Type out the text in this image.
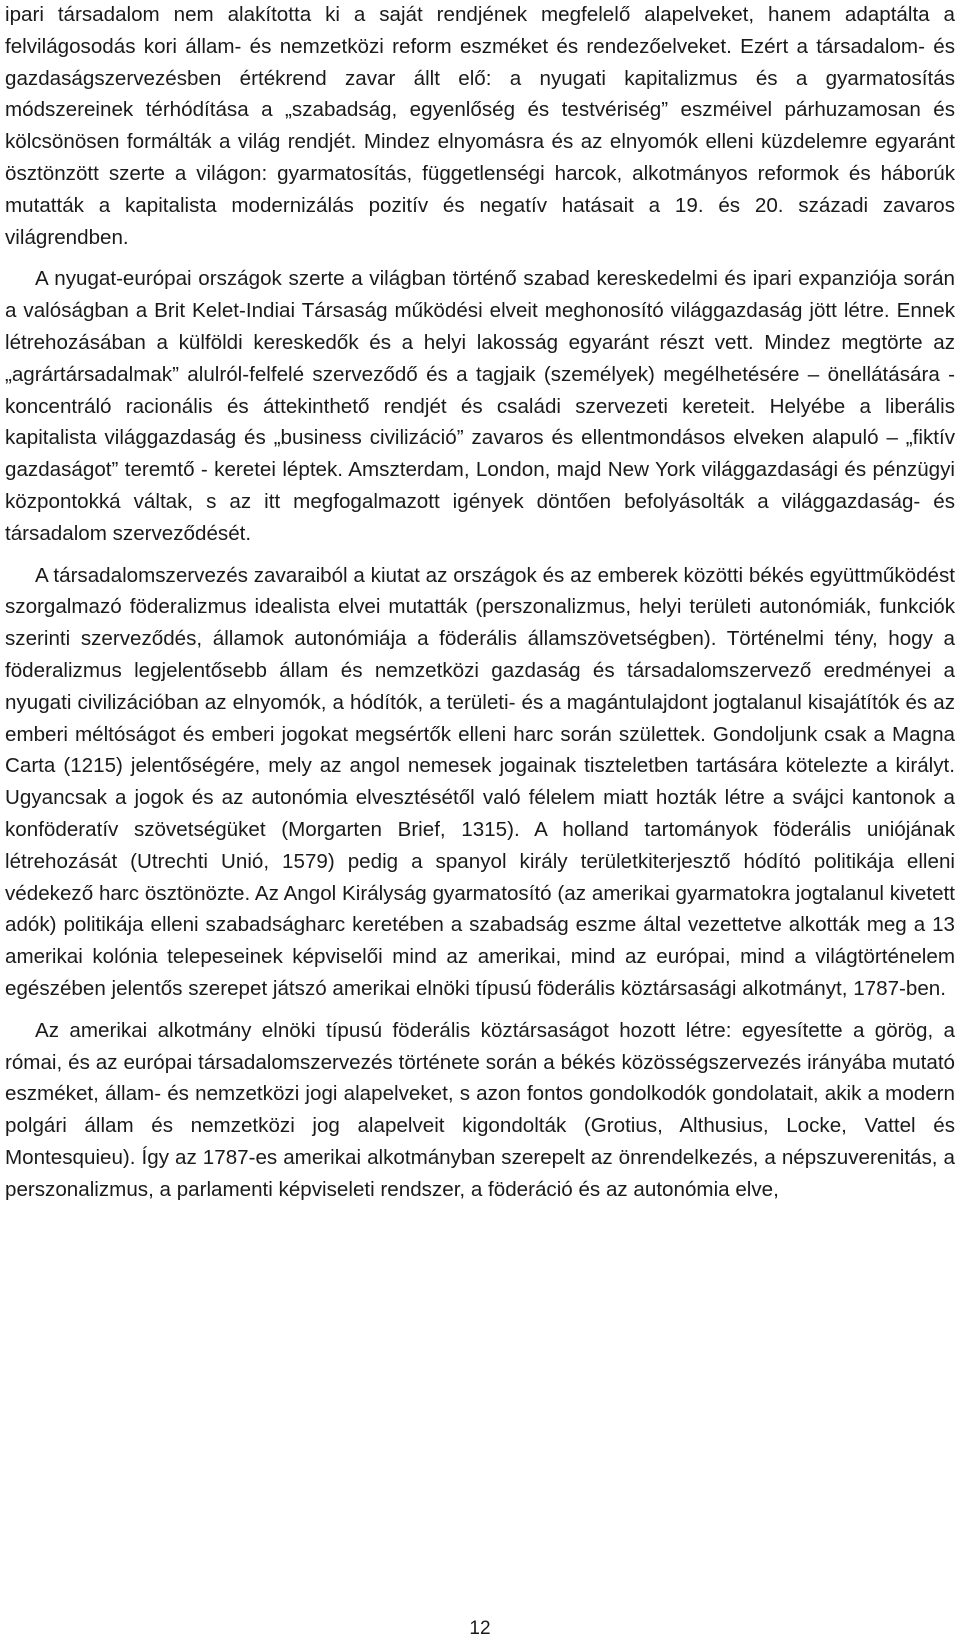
ipari társadalom nem alakította ki a saját rendjének megfelelő alapelveket, hanem adaptálta a felvilágosodás kori állam- és nemzetközi reform eszméket és rendezőelveket. Ezért a társadalom- és gazdaságszervezésben értékrend zavar állt elő: a nyugati kapitalizmus és a gyarmatosítás módszereinek térhódítása a „szabadság, egyenlőség és testvériség” eszméivel párhuzamosan és kölcsönösen formálták a világ rendjét. Mindez elnyomásra és az elnyomók elleni küzdelemre egyaránt ösztönzött szerte a világon: gyarmatosítás, függetlenségi harcok, alkotmányos reformok és háborúk mutatták a kapitalista modernizálás pozitív és negatív hatásait a 19. és 20. századi zavaros világrendben.

A nyugat-európai országok szerte a világban történő szabad kereskedelmi és ipari expanziója során a valóságban a Brit Kelet-Indiai Társaság működési elveit meghonosító világgazdaság jött létre. Ennek létrehozásában a külföldi kereskedők és a helyi lakosság egyaránt részt vett. Mindez megtörte az „agrártársadalmak” alulról-felfelé szerveződő és a tagjaik (személyek) megélhetésére – önellátására - koncentráló racionális és áttekinthető rendjét és családi szervezeti kereteit. Helyébe a liberális kapitalista világgazdaság és „business civilizáció” zavaros és ellentmondásos elveken alapuló – „fiktív gazdaságot” teremtő - keretei léptek. Amszterdam, London, majd New York világgazdasági és pénzügyi központokká váltak, s az itt megfogalmazott igények döntően befolyásolták a világgazdaság- és társadalom szerveződését.

A társadalomszervezés zavaraiból a kiutat az országok és az emberek közötti békés együttműködést szorgalmazó föderalizmus idealista elvei mutatták (perszonalizmus, helyi területi autonómiák, funkciók szerinti szerveződés, államok autonómiája a föderális államszövetségben). Történelmi tény, hogy a föderalizmus legjelentősebb állam és nemzetközi gazdaság és társadalomszervező eredményei a nyugati civilizációban az elnyomók, a hódítók, a területi- és a magántulajdont jogtalanul kisajátítók és az emberi méltóságot és emberi jogokat megsértők elleni harc során születtek. Gondoljunk csak a Magna Carta (1215) jelentőségére, mely az angol nemesek jogainak tiszteletben tartására kötelezte a királyt. Ugyancsak a jogok és az autonómia elvesztésétől való félelem miatt hozták létre a svájci kantonok a konföderatív szövetségüket (Morgarten Brief, 1315). A holland tartományok föderális uniójának létrehozását (Utrechti Unió, 1579) pedig a spanyol király területkiterjesztő hódító politikája elleni védekező harc ösztönözte. Az Angol Királyság gyarmatosító (az amerikai gyarmatokra jogtalanul kivetett adók) politikája elleni szabadságharc keretében a szabadság eszme által vezettetve alkották meg a 13 amerikai kolónia telepeseinek képviselői mind az amerikai, mind az európai, mind a világtörténelem egészében jelentős szerepet játszó amerikai elnöki típusú föderális köztársasági alkotmányt, 1787-ben.

Az amerikai alkotmány elnöki típusú föderális köztársaságot hozott létre: egyesítette a görög, a római, és az európai társadalomszervezés története során a békés közösségszervezés irányába mutató eszméket, állam- és nemzetközi jogi alapelveket, s azon fontos gondolkodók gondolatait, akik a modern polgári állam és nemzetközi jog alapelveit kigondolták (Grotius, Althusius, Locke, Vattel és Montesquieu). Így az 1787-es amerikai alkotmányban szerepelt az önrendelkezés, a népszuverenitás, a perszonalizmus, a parlamenti képviseleti rendszer, a föderáció és az autonómia elve,

12
